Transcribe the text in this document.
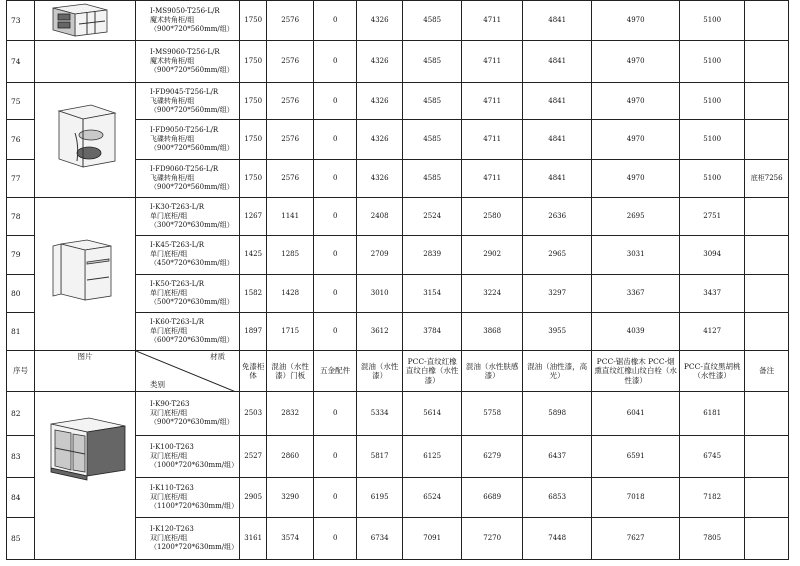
73		I-MS9050-T256-L/R
魔术转角柜/组
（900*720*560mm/组）	1750	2576	0	4326	4585	4711	4841	4970	5100	
74		I-MS9060-T256-L/R
魔术转角柜/组
（900*720*560mm/组）	1750	2576	0	4326	4585	4711	4841	4970	5100	
75		I-FD9045-T256-L/R
飞碟转角柜/组
（900*720*560mm/组）	1750	2576	0	4326	4585	4711	4841	4970	5100	
76		I-FD9050-T256-L/R
飞碟转角柜/组
（900*720*560mm/组）	1750	2576	0	4326	4585	4711	4841	4970	5100	
77		I-FD9060-T256-L/R
飞碟转角柜/组
（900*720*560mm/组）	1750	2576	0	4326	4585	4711	4841	4970	5100	底柜7256
78		I-K30-T263-L/R
单门底柜/组
（300*720*630mm/组）	1267	1141	0	2408	2524	2580	2636	2695	2751	
79		I-K45-T263-L/R
单门底柜/组
（450*720*630mm/组）	1425	1285	0	2709	2839	2902	2965	3031	3094	
80		I-K50-T263-L/R
单门底柜/组
（500*720*630mm/组）	1582	1428	0	3010	3154	3224	3297	3367	3437	
81		I-K60-T263-L/R
单门底柜/组
（600*720*630mm/组）	1897	1715	0	3612	3784	3868	3955	4039	4127	
序号	图片	材质
类别	免漆柜体	混油（水性漆）门板	五金配件	混油（水性漆）	PCC-直纹红橡直纹白橡（水性漆）	混油（水性肤感漆）	混油（油性漆，高光）	PCC-锯齿橡木 PCC-烟熏直纹红橡山纹白栓（水性漆）	PCC-直纹黑胡桃（水性漆）	备注
82		I-K90-T263
双门底柜/组
（900*720*630mm/组）	2503	2832	0	5334	5614	5758	5898	6041	6181	
83		I-K100-T263
双门底柜/组
（1000*720*630mm/组）	2527	2860	0	5817	6125	6279	6437	6591	6745	
84		I-K110-T263
双门底柜/组
（1100*720*630mm/组）	2905	3290	0	6195	6524	6689	6853	7018	7182	
85		I-K120-T263
双门底柜/组
（1200*720*630mm/组）	3161	3574	0	6734	7091	7270	7448	7627	7805	
